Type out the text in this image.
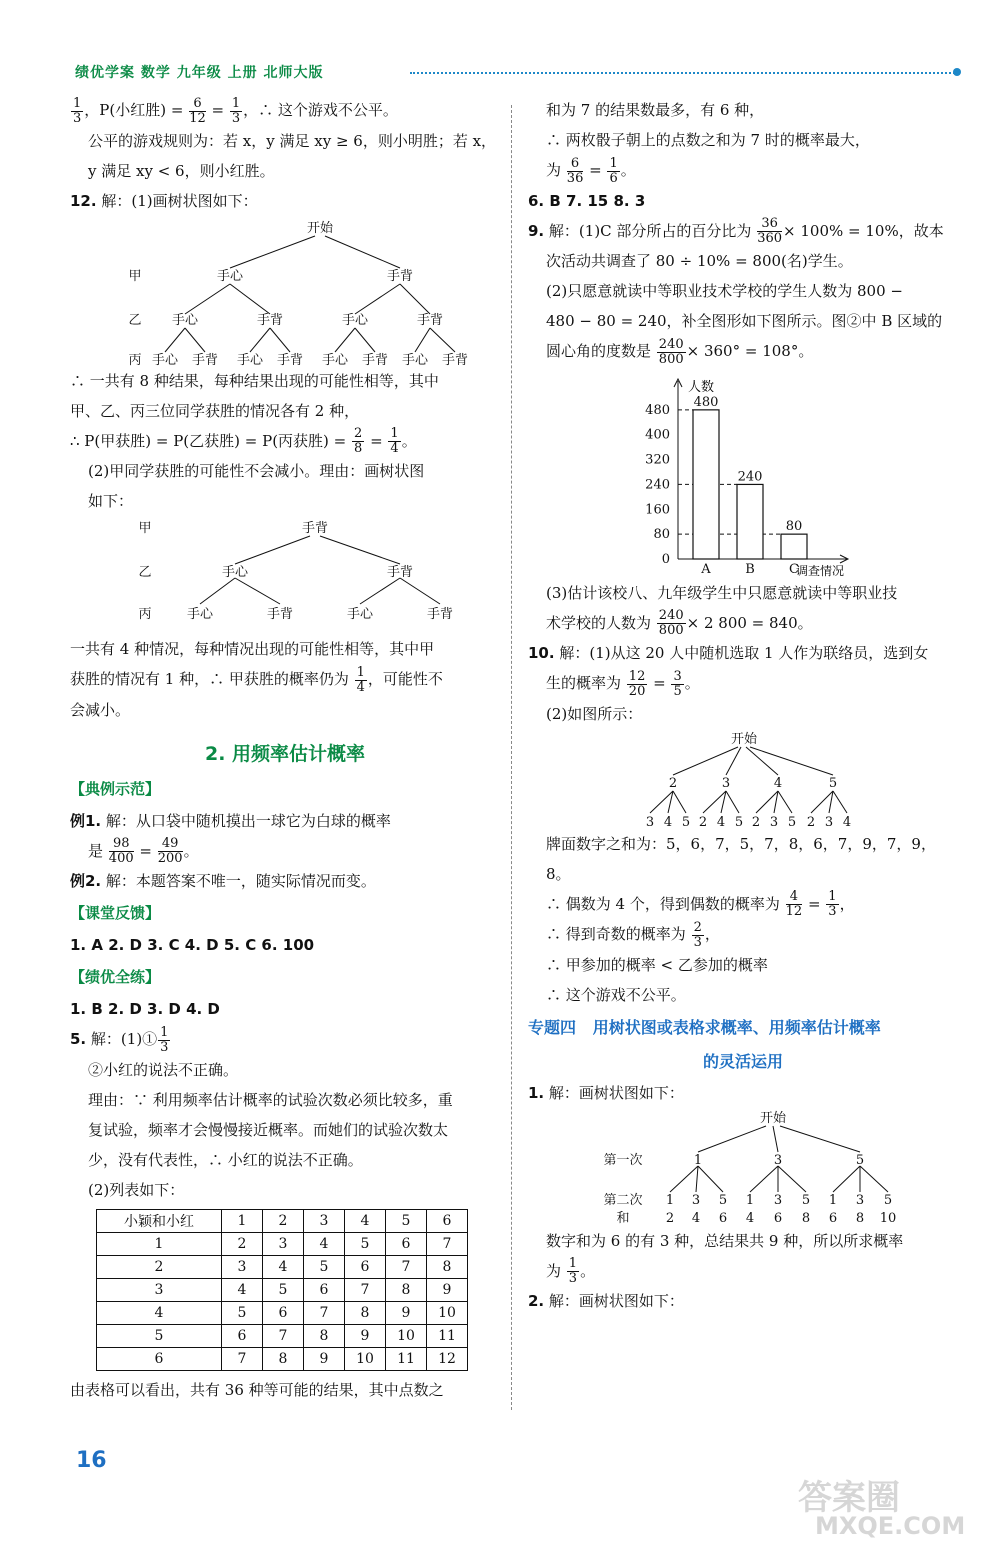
绩优学案 数学 九年级 上册 北师大版

$\frac{1}{3}$ ，P(小红胜) = $\frac{6}{12} = \frac{1}{3}$ ，∴ 这个游戏不公平。

公平的游戏规则为：若 x，y 满足 xy ≥ 6，则小明胜；若 x，

y 满足 xy < 6，则小红胜。

12. 解：(1)画树状图如下：

开始
甲
乙
丙
手心	手背
手心	手背	手心	手背
手心 手背 手心 手背 手心 手背 手心 手背

∴ 一共有 8 种结果，每种结果出现的可能性相等，其中

甲、乙、丙三位同学获胜的情况各有 2 种，

∴ P(甲获胜) = P(乙获胜) = P(丙获胜) = $\frac{2}{8} = \frac{1}{4}$ 。

(2)甲同学获胜的可能性不会减小。理由：画树状图

如下：

手背
甲
乙
丙
手心	手背
手心	手背	手心	手背

一共有 4 种情况，每种情况出现的可能性相等，其中甲

获胜的情况有 1 种，∴ 甲获胜的概率仍为 $\frac{1}{4}$ ，可能性不

会减小。

2. 用频率估计概率
【典例示范】

例1. 解：从口袋中随机摸出一球它为白球的概率

是 $\frac{98}{400} = \frac{49}{200}$ 。

例2. 解：本题答案不唯一，随实际情况而变。

【课堂反馈】

1. A 2. D 3. C 4. D 5. C 6. 100

【绩优全练】

1. B 2. D 3. D 4. D

5. 解：(1)① $\frac{1}{3}$

②小红的说法不正确。

理由：∵ 利用频率估计概率的试验次数必须比较多，重

复试验，频率才会慢慢接近概率。而她们的试验次数太

少，没有代表性，∴ 小红的说法不正确。

(2)列表如下：

小颖和小红	1	2	3	4	5	6
1	2	3	4	5	6	7
2	3	4	5	6	7	8
3	4	5	6	7	8	9
4	5	6	7	8	9	10
5	6	7	8	9	10	11
6	7	8	9	10	11	12

由表格可以看出，共有 36 种等可能的结果，其中点数之

和为 7 的结果数最多，有 6 种，

∴ 两枚骰子朝上的点数之和为 7 时的概率最大，

为 $\frac{6}{36} = \frac{1}{6}$ 。

6. B 7. 15 8. 3

9. 解：(1)C 部分所占的百分比为 $\frac{36}{360} \times 100\% = 10\%$，故本

次活动共调查了 80 ÷ 10% = 800(名)学生。

(2)只愿意就读中等职业技术学校的学生人数为 800 −

480 − 80 = 240，补全图形如下图所示。图②中 B 区域的

圆心角的度数是 $\frac{240}{800} \times 360^\circ = 108^\circ$。

人数
调查情况
0
80
160
240
320
400
480
480
A
240
B
80
C

(3)估计该校八、九年级学生中只愿意就读中等职业技

术学校的人数为 $\frac{240}{800} \times 2$ 800 = 840。

10. 解：(1)从这 20 人中随机选取 1 人作为联络员，选到女

生的概率为 $\frac{12}{20} = \frac{3}{5}$ 。

(2)如图所示：

开始
2	3	4	5
3 4 5 2 4 5 2 3 5 2 3 4

牌面数字之和为：5，6，7，5，7，8，6，7，9，7，9，8。

∴ 偶数为 4 个，得到偶数的概率为 $\frac{4}{12} = \frac{1}{3}$ ，

∴ 得到奇数的概率为 $\frac{2}{3}$ ，

∴ 甲参加的概率 < 乙参加的概率

∴ 这个游戏不公平。

专题四 用树状图或表格求概率、用频率估计概率
的灵活运用

1. 解：画树状图如下：

开始
第一次
第二次
和
1	3	5
1 3 5 1 3 5 1 3 5
2 4 6 4 6 8 6 8 10

数字和为 6 的有 3 种，总结果共 9 种，所以所求概率

为 $\frac{1}{3}$ 。

2. 解：画树状图如下：

16
答案圈
MXQE.COM
